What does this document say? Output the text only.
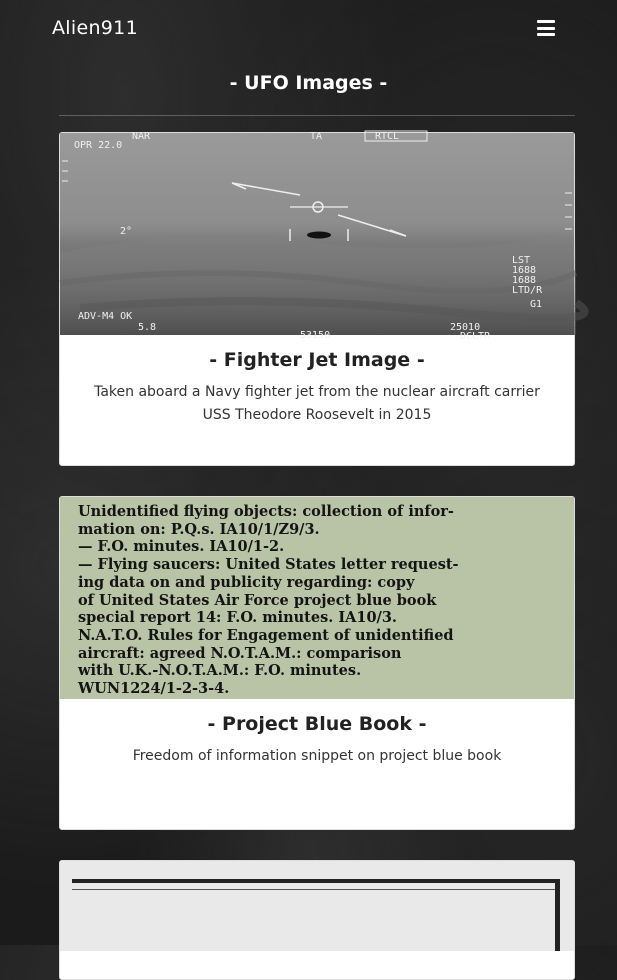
Alien911
- UFO Images -
OPR 22.0
NAR	TA	RTCL
2°
ADV-M4 OK
5.8
53150
25010
DCLTR
LST
1688
1688
LTD/R
G1
- Fighter Jet Image -

Taken aboard a Navy fighter jet from the nuclear aircraft carrier USS Theodore Roosevelt in 2015

Unidentified flying objects: collection of infor-
mation on: P.Q.s. IA10/1/Z9/3.
— F.O. minutes. IA10/1-2.
— Flying saucers: United States letter request-
ing data on and publicity regarding: copy
of United States Air Force project blue book
special report 14: F.O. minutes. IA10/3.
N.A.T.O. Rules for Engagement of unidentified
aircraft: agreed N.O.T.A.M.: comparison
with U.K.-N.O.T.A.M.: F.O. minutes.
WUN1224/1-2-3-4.
- Project Blue Book -

Freedom of information snippet on project blue book
